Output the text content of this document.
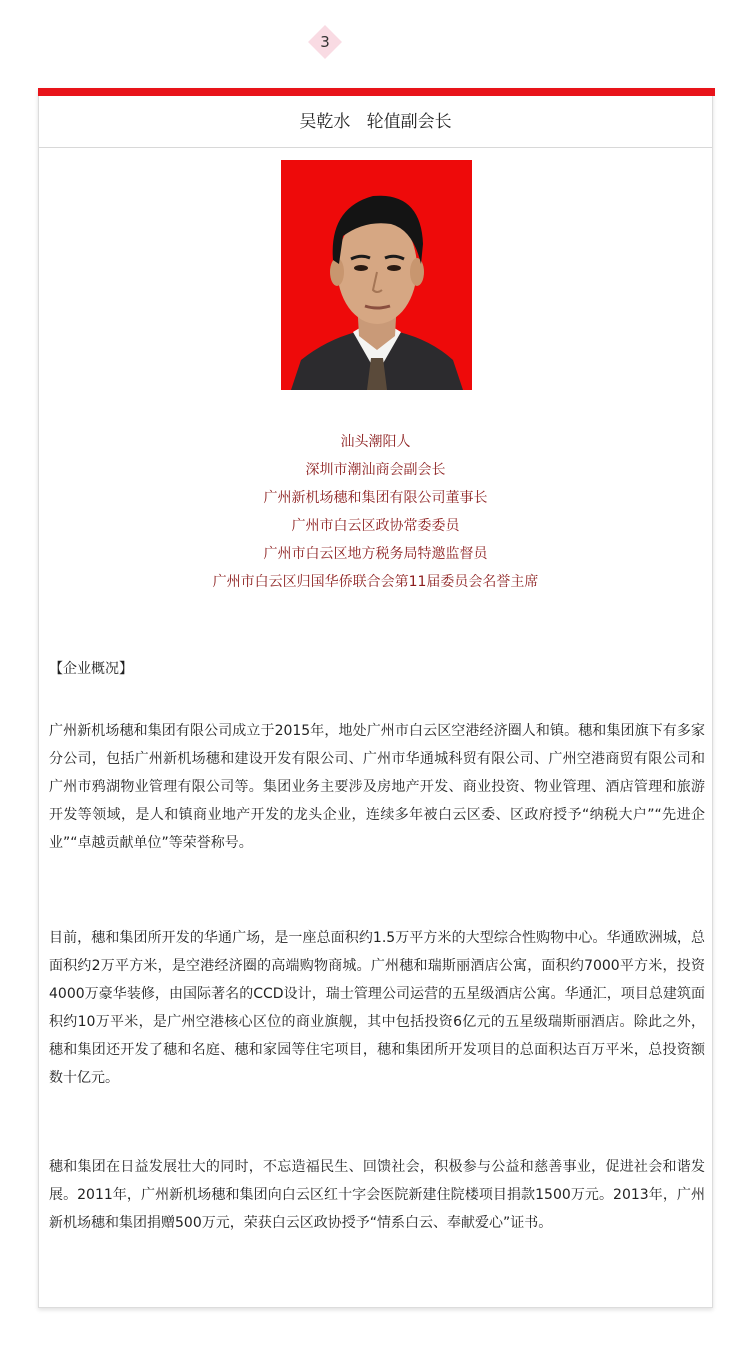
3
吴乾水   轮值副会长
汕头潮阳人
深圳市潮汕商会副会长
广州新机场穗和集团有限公司董事长
广州市白云区政协常委委员
广州市白云区地方税务局特邀监督员
广州市白云区归国华侨联合会第11届委员会名誉主席
【企业概况】

广州新机场穗和集团有限公司成立于2015年，地处广州市白云区空港经济圈人和镇。穗和集团旗下有多家分公司，包括广州新机场穗和建设开发有限公司、广州市华通城科贸有限公司、广州空港商贸有限公司和广州市鸦湖物业管理有限公司等。集团业务主要涉及房地产开发、商业投资、物业管理、酒店管理和旅游开发等领域，是人和镇商业地产开发的龙头企业，连续多年被白云区委、区政府授予“纳税大户”“先进企业”“卓越贡献单位”等荣誉称号。

目前，穗和集团所开发的华通广场，是一座总面积约1.5万平方米的大型综合性购物中心。华通欧洲城，总面积约2万平方米，是空港经济圈的高端购物商城。广州穗和瑞斯丽酒店公寓，面积约7000平方米，投资4000万豪华装修，由国际著名的CCD设计，瑞士管理公司运营的五星级酒店公寓。华通汇，项目总建筑面积约10万平米，是广州空港核心区位的商业旗舰，其中包括投资6亿元的五星级瑞斯丽酒店。除此之外，穗和集团还开发了穗和名庭、穗和家园等住宅项目，穗和集团所开发项目的总面积达百万平米，总投资额数十亿元。

穗和集团在日益发展壮大的同时，不忘造福民生、回馈社会，积极参与公益和慈善事业，促进社会和谐发展。2011年，广州新机场穗和集团向白云区红十字会医院新建住院楼项目捐款1500万元。2013年，广州新机场穗和集团捐赠500万元，荣获白云区政协授予“情系白云、奉献爱心”证书。
